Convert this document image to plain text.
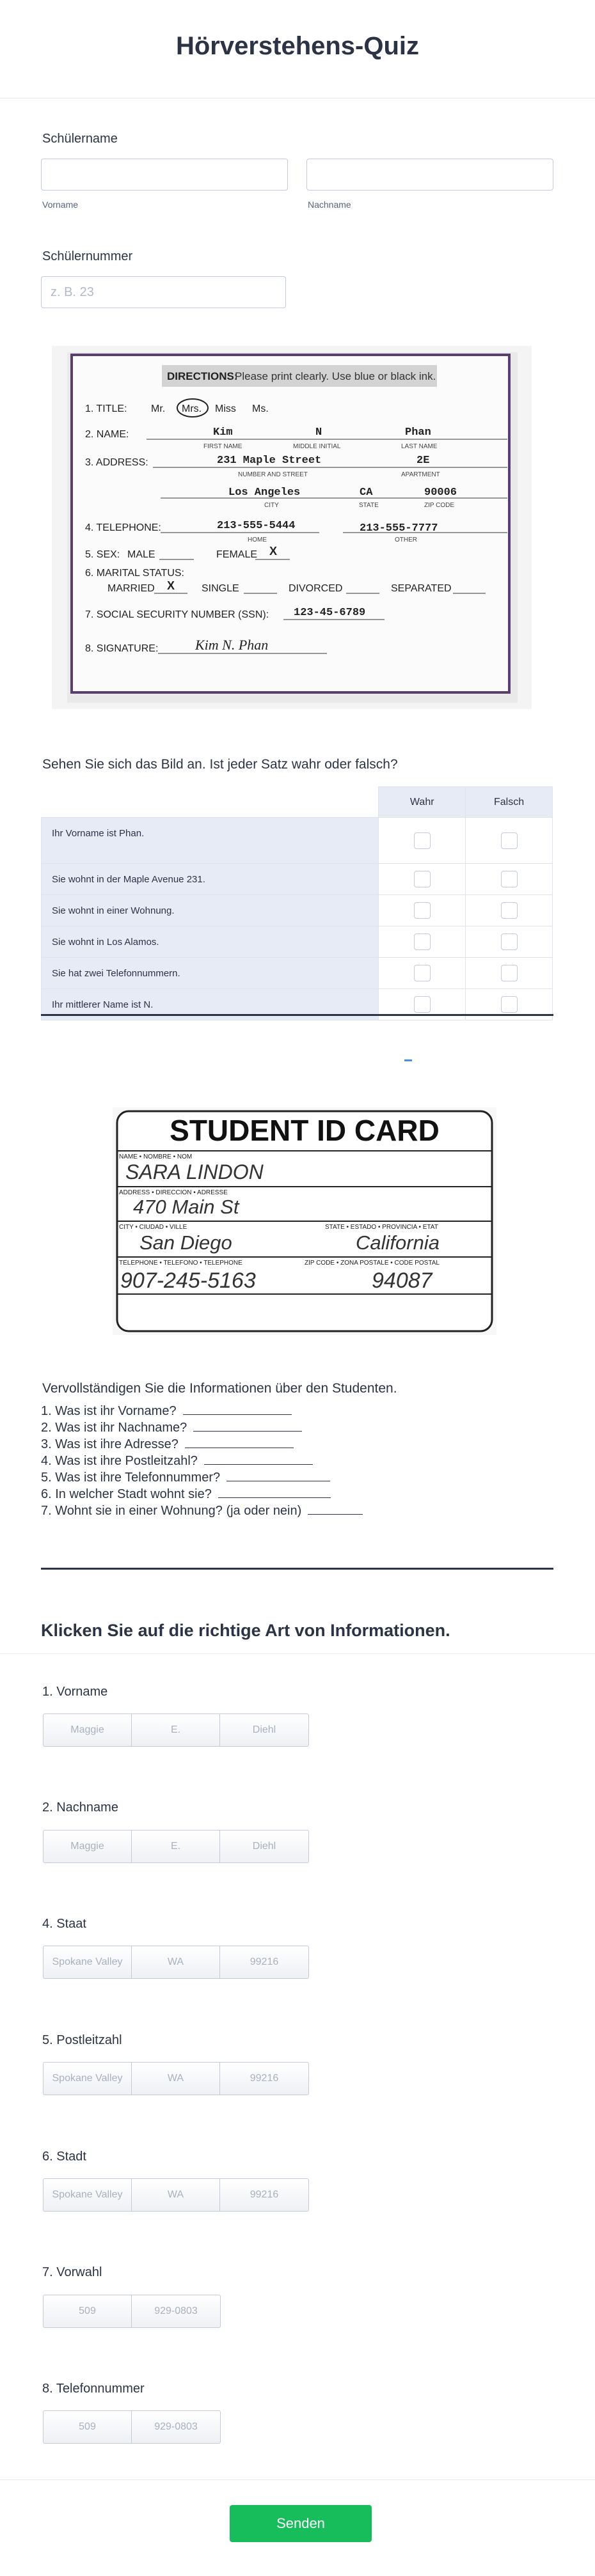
Hörverstehens-Quiz
Schülername
Vorname	Nachname
Schülernummer
z. B. 23
DIRECTIONS:
Please print clearly. Use blue or black ink.
1. TITLE: Mr. Mrs. Miss Ms.
2. NAME:	Kim	N	Phan
FIRST NAME	MIDDLE INITIAL	LAST NAME
3. ADDRESS:	231 Maple Street	2E
NUMBER AND STREET	APARTMENT
Los Angeles	CA	90006
CITY	STATE	ZIP CODE
4. TELEPHONE:	213-555-5444	213-555-7777
HOME	OTHER
5. SEX: MALE	FEMALE X
6. MARITAL STATUS:
MARRIED X	SINGLE	DIVORCED	SEPARATED
7. SOCIAL SECURITY NUMBER (SSN): 123-45-6789
8. SIGNATURE:	Kim N. Phan
Sehen Sie sich das Bild an. Ist jeder Satz wahr oder falsch?
	Wahr	Falsch
Ihr Vorname ist Phan.		
Sie wohnt in der Maple Avenue 231.		
Sie wohnt in einer Wohnung.		
Sie wohnt in Los Alamos.		
Sie hat zwei Telefonnummern.		
Ihr mittlerer Name ist N.		
STUDENT ID CARD
NAME • NOMBRE • NOM
SARA LINDON
ADDRESS • DIRECCION • ADRESSE
470 Main St
CITY • CIUDAD • VILLE	STATE • ESTADO • PROVINCIA • ETAT
San Diego	California
TELEPHONE • TELEFONO • TELEPHONE	ZIP CODE • ZONA POSTALE • CODE POSTAL
907-245-5163	94087
Vervollständigen Sie die Informationen über den Studenten.
1. Was ist ihr Vorname?
2. Was ist ihr Nachname?
3. Was ist ihre Adresse?
4. Was ist ihre Postleitzahl?
5. Was ist ihre Telefonnummer?
6. In welcher Stadt wohnt sie?
7. Wohnt sie in einer Wohnung? (ja oder nein)
Klicken Sie auf die richtige Art von Informationen.
1. Vorname
Maggie	E.	Diehl
2. Nachname
Maggie	E.	Diehl
4. Staat
Spokane Valley	WA	99216
5. Postleitzahl
Spokane Valley	WA	99216
6. Stadt
Spokane Valley	WA	99216
7. Vorwahl
509	929-0803
8. Telefonnummer
509	929-0803
Senden
